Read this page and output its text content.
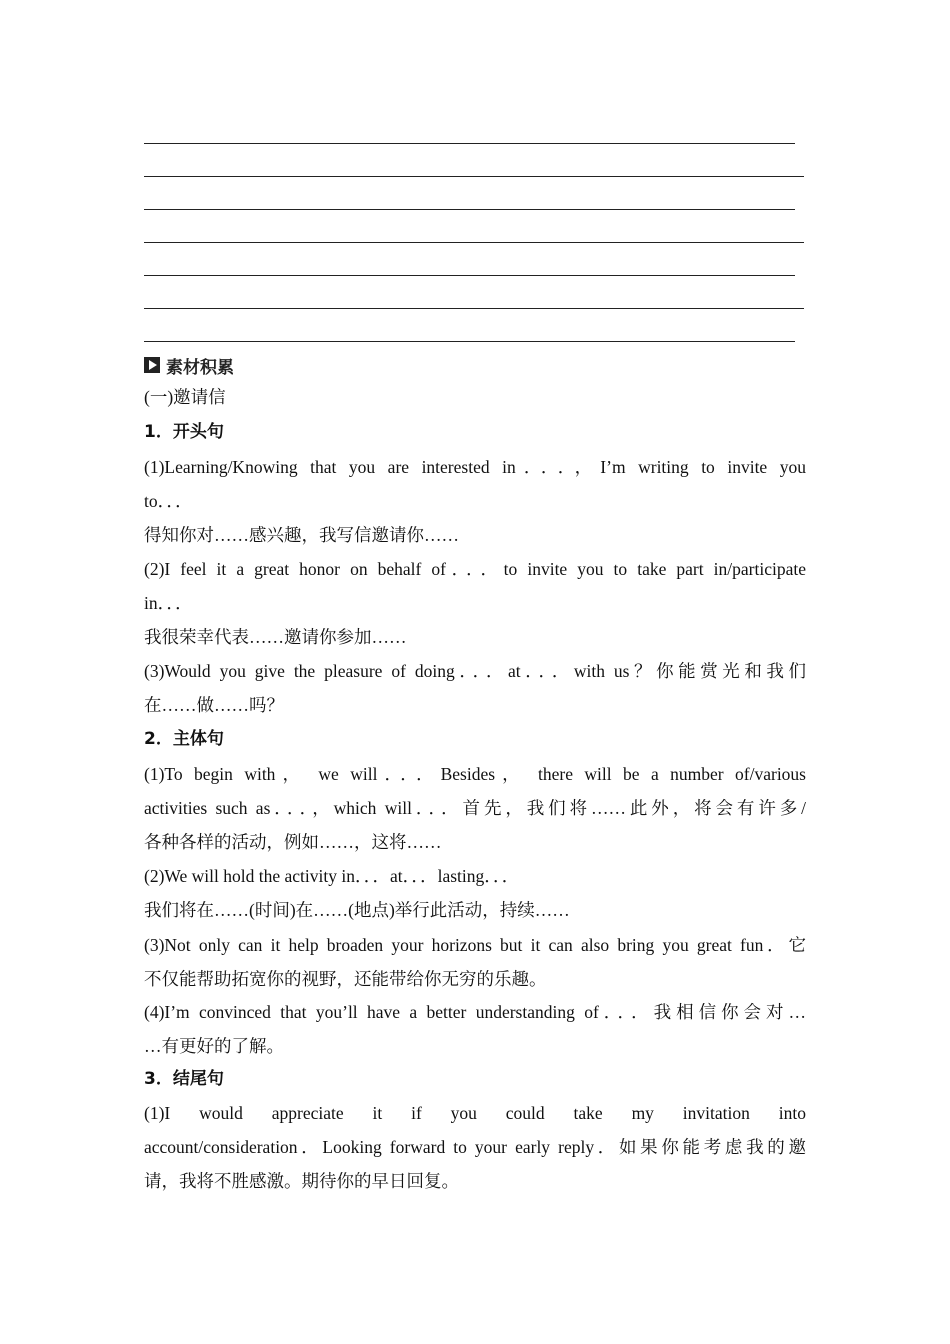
素材积累
(一)邀请信
1．开头句
(1)Learning/Knowing that you are interested in．．．，I’m writing to invite you
to．．．
得知你对……感兴趣，我写信邀请你……
(2)I feel it a great honor on behalf of．．．to invite you to take part in/participate
in．．．
我很荣幸代表……邀请你参加……
(3)Would you give the pleasure of doing．．．at．．．with us？你能赏光和我们
在……做……吗？
2．主体句
(1)To begin with， we will．．．Besides， there will be a number of/various
activities such as．．．，which will．．．首先，我们将……此外，将会有许多/
各种各样的活动，例如……，这将……
(2)We will hold the activity in．．．at．．．lasting．．．
我们将在……(时间)在……(地点)举行此活动，持续……
(3)Not only can it help broaden your horizons but it can also bring you great fun．它
不仅能帮助拓宽你的视野，还能带给你无穷的乐趣。
(4)I’m convinced that you’ll have a better understanding of．．．我相信你会对…
…有更好的了解。
3．结尾句
(1)I would appreciate it if you could take my invitation into
account/consideration．Looking forward to your early reply．如果你能考虑我的邀
请，我将不胜感激。期待你的早日回复。
